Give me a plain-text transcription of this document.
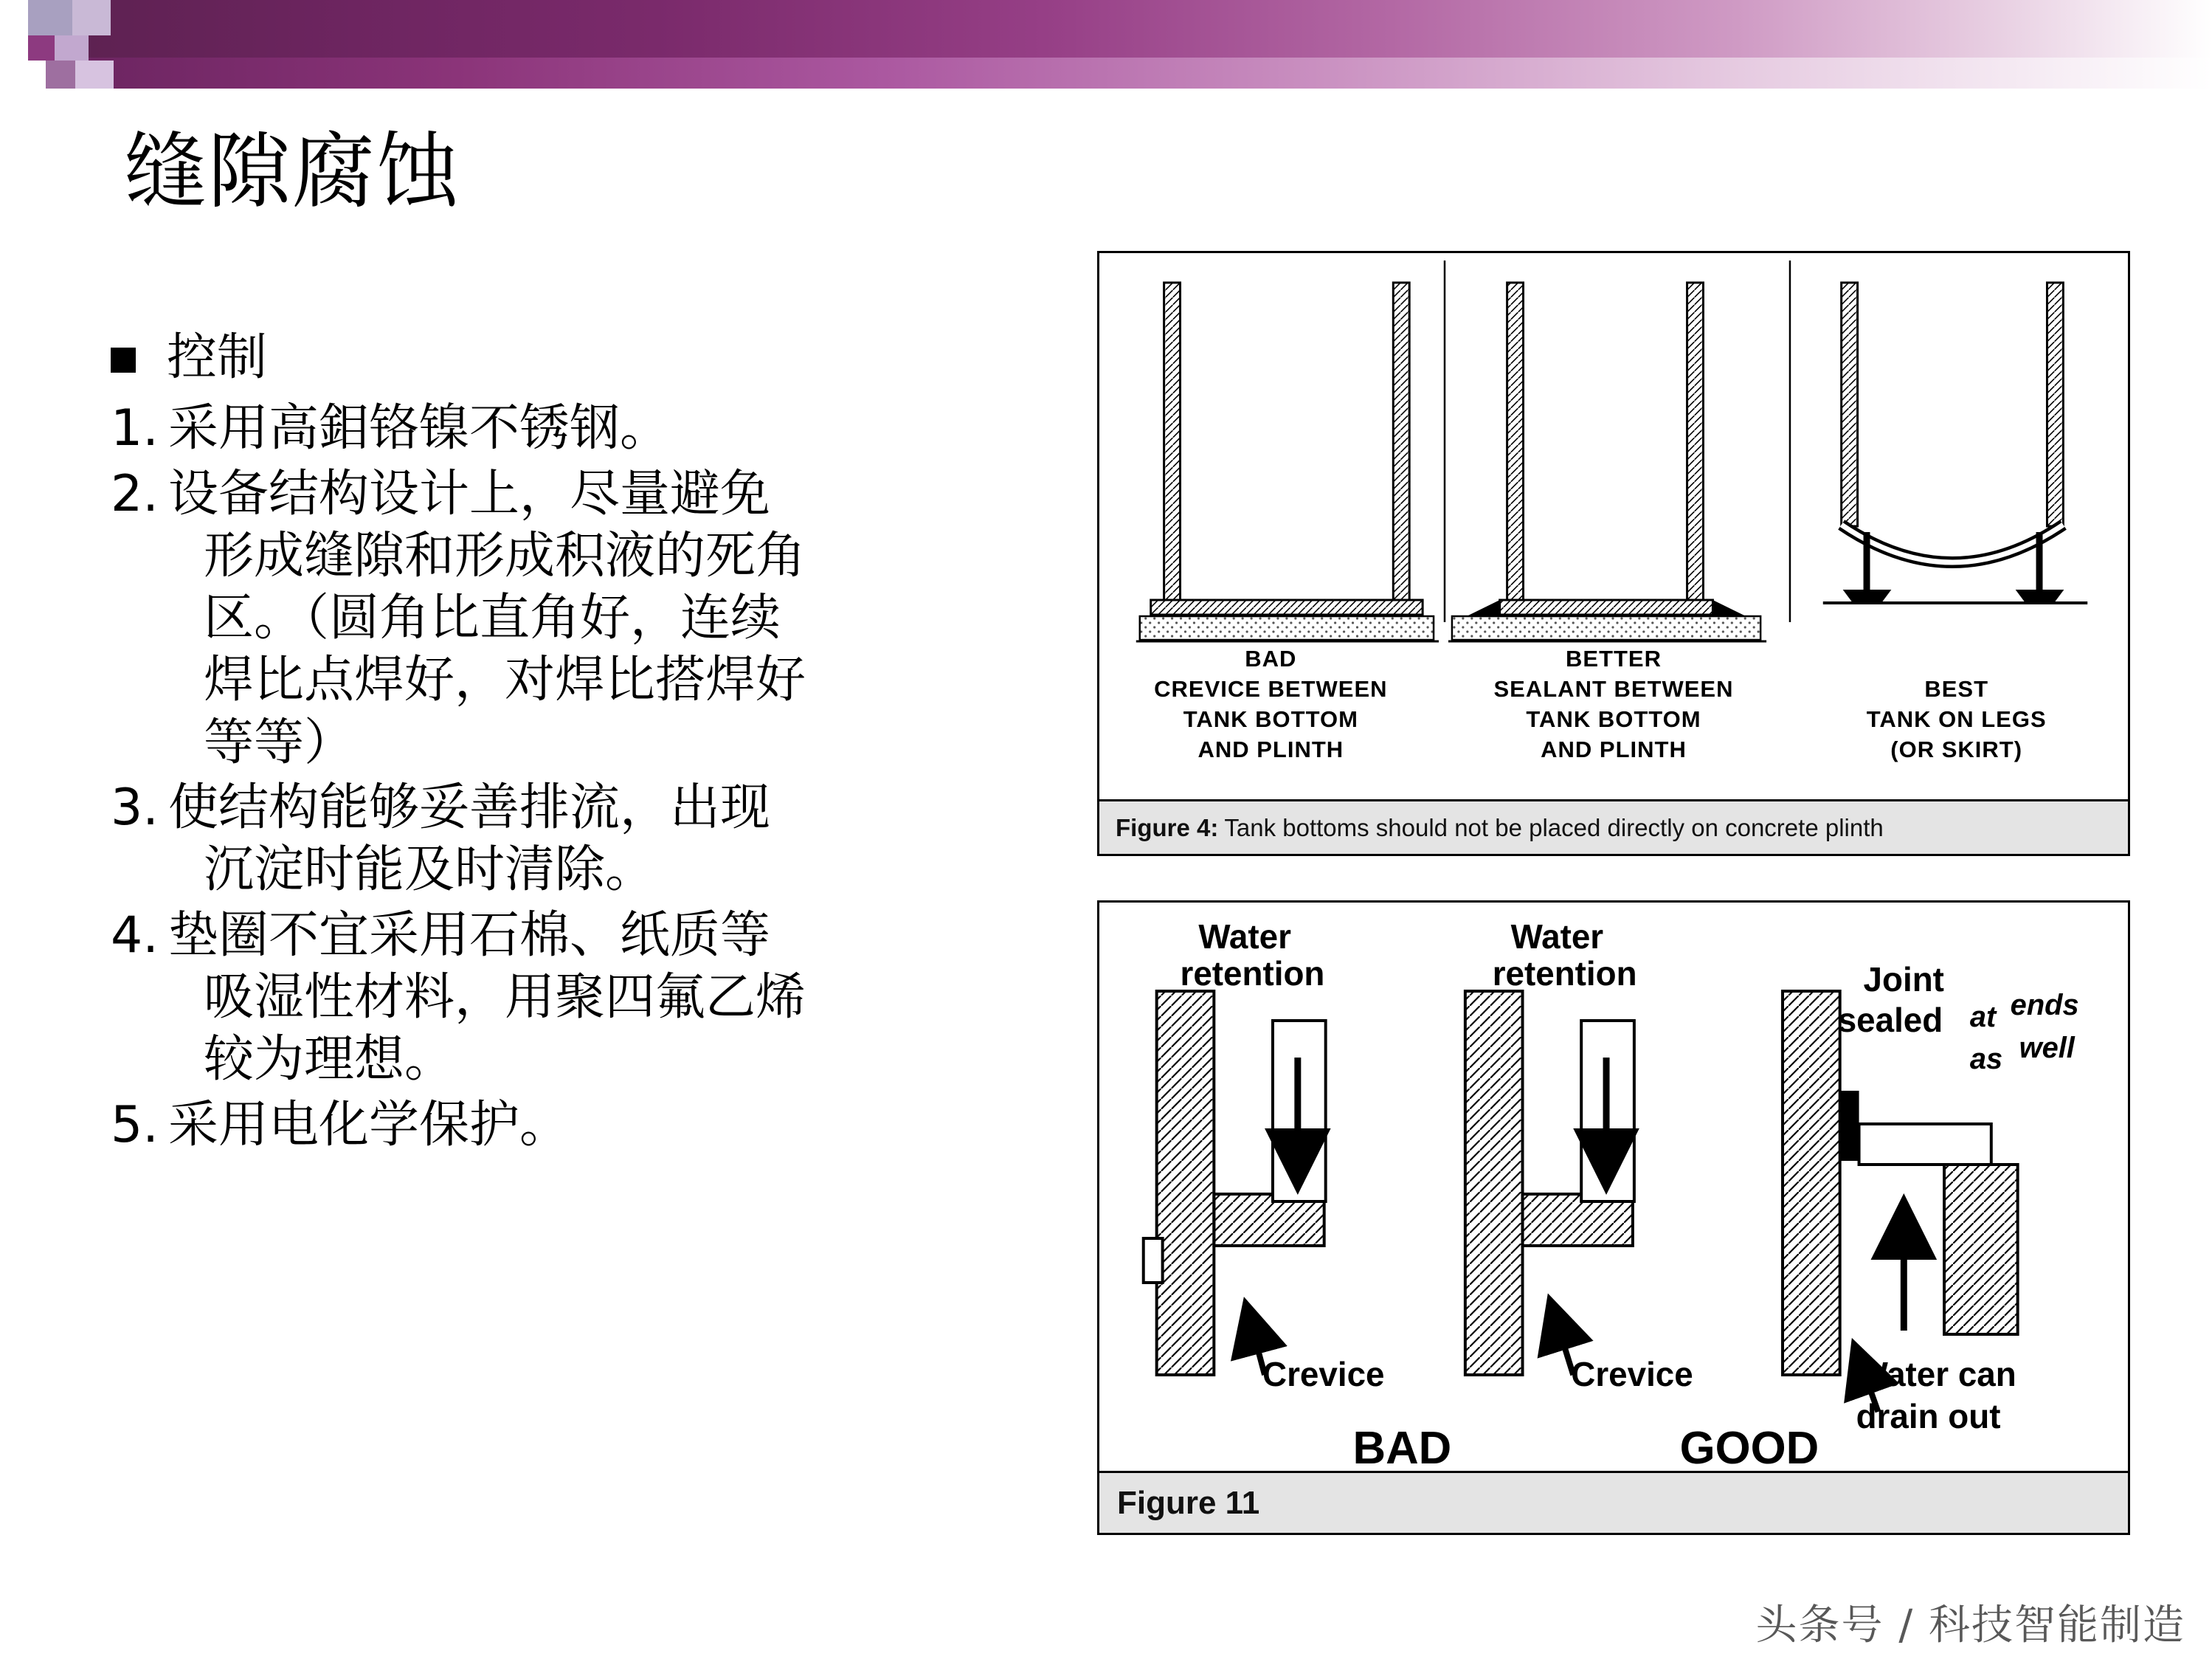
缝隙腐蚀
控制
1. 采用高鉬铬镍不锈钢。
2. 设备结构设计上，尽量避免
形成缝隙和形成积液的死角
区。（圆角比直角好，连续
焊比点焊好，对焊比搭焊好
等等）
3. 使结构能够妥善排流，出现
沉淀时能及时清除。
4. 垫圈不宜采用石棉、纸质等
吸湿性材料，用聚四氟乙烯
较为理想。
5. 采用电化学保护。
BAD
CREVICE BETWEEN
TANK BOTTOM
AND PLINTH
BETTER
SEALANT BETWEEN
TANK BOTTOM
AND PLINTH
BEST
TANK ON LEGS
(OR SKIRT)
Figure 4: Tank bottoms should not be placed directly on concrete plinth
Water
retention
Water
retention	Joint
sealed at ends
as well
Crevice	Crevice	Water can
drain out
BAD	GOOD
Figure 11
头条号 / 科技智能制造
